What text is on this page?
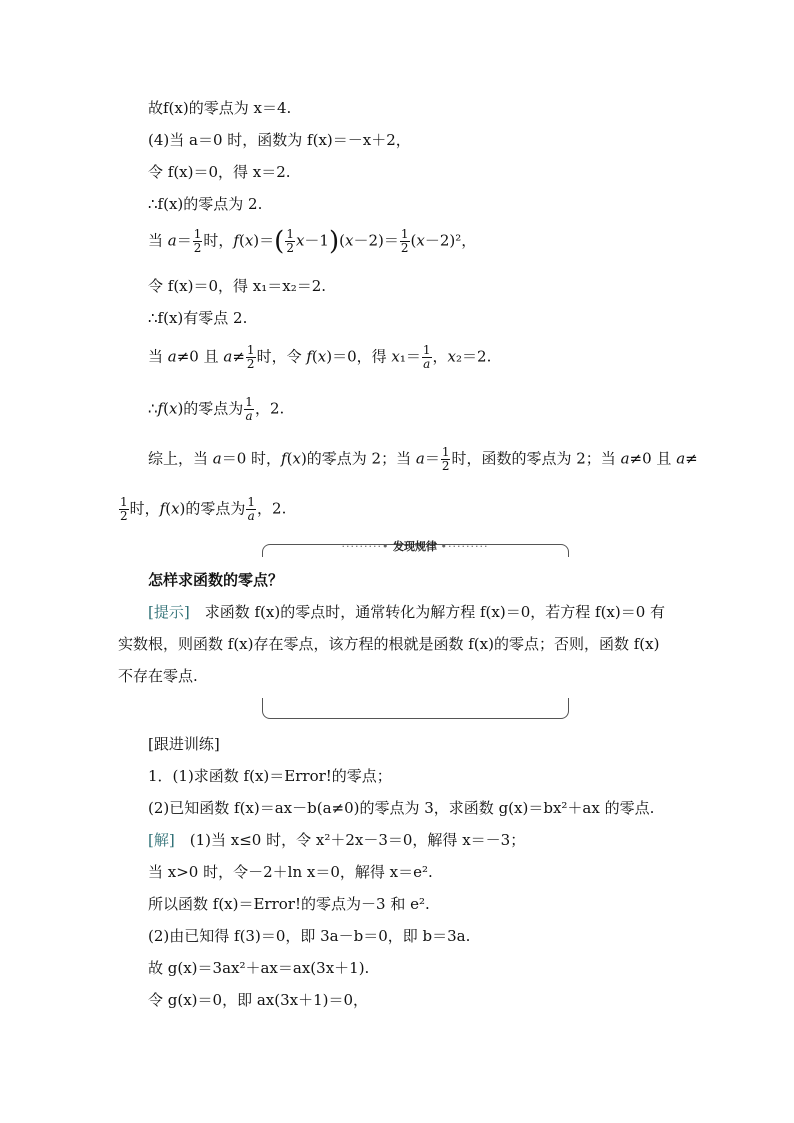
故f(x)的零点为 x＝4.
(4)当 a＝0 时，函数为 f(x)＝－x＋2，
令 f(x)＝0，得 x＝2.
∴f(x)的零点为 2.
当 $a= \frac{1}{2}$ 时，$f(x)=( \frac{1}{2} x-1)(x-2)= \frac{1}{2} (x-2)^2$，
令 f(x)＝0，得 x₁＝x₂＝2.
∴f(x)有零点 2.
当 a≠0 且 $a\ne \frac{1}{2}$ 时，令 f(x)＝0，得 $x_1= \frac{1}{a}$ ，x₂＝2.
∴f(x)的零点为 $\frac{1}{a}$ ，2.
综上，当 a＝0 时，f(x)的零点为 2；当 $a= \frac{1}{2}$ 时，函数的零点为 2；当 a≠0 且 a≠
$\frac{1}{2}$ 时，f(x)的零点为 $\frac{1}{a}$ ，2.
·········• 发现规律 •·········
怎样求函数的零点？
[提示]　 求函数 f(x)的零点时，通常转化为解方程 f(x)＝0，若方程 f(x)＝0 有
实数根，则函数 f(x)存在零点，该方程的根就是函数 f(x)的零点；否则，函数 f(x)
不存在零点.
[跟进训练]
1．(1)求函数 f(x)＝Error!的零点；
(2)已知函数 f(x)＝ax－b(a≠0)的零点为 3，求函数 g(x)＝bx²＋ax 的零点.
[解]　 (1)当 x≤0 时，令 x²＋2x－3＝0，解得 x＝－3；
当 x>0 时，令－2＋ln x＝0，解得 x＝e².
所以函数 f(x)＝Error!的零点为－3 和 e².
(2)由已知得 f(3)＝0，即 3a－b＝0，即 b＝3a.
故 g(x)＝3ax²＋ax＝ax(3x＋1).
令 g(x)＝0，即 ax(3x＋1)＝0，
